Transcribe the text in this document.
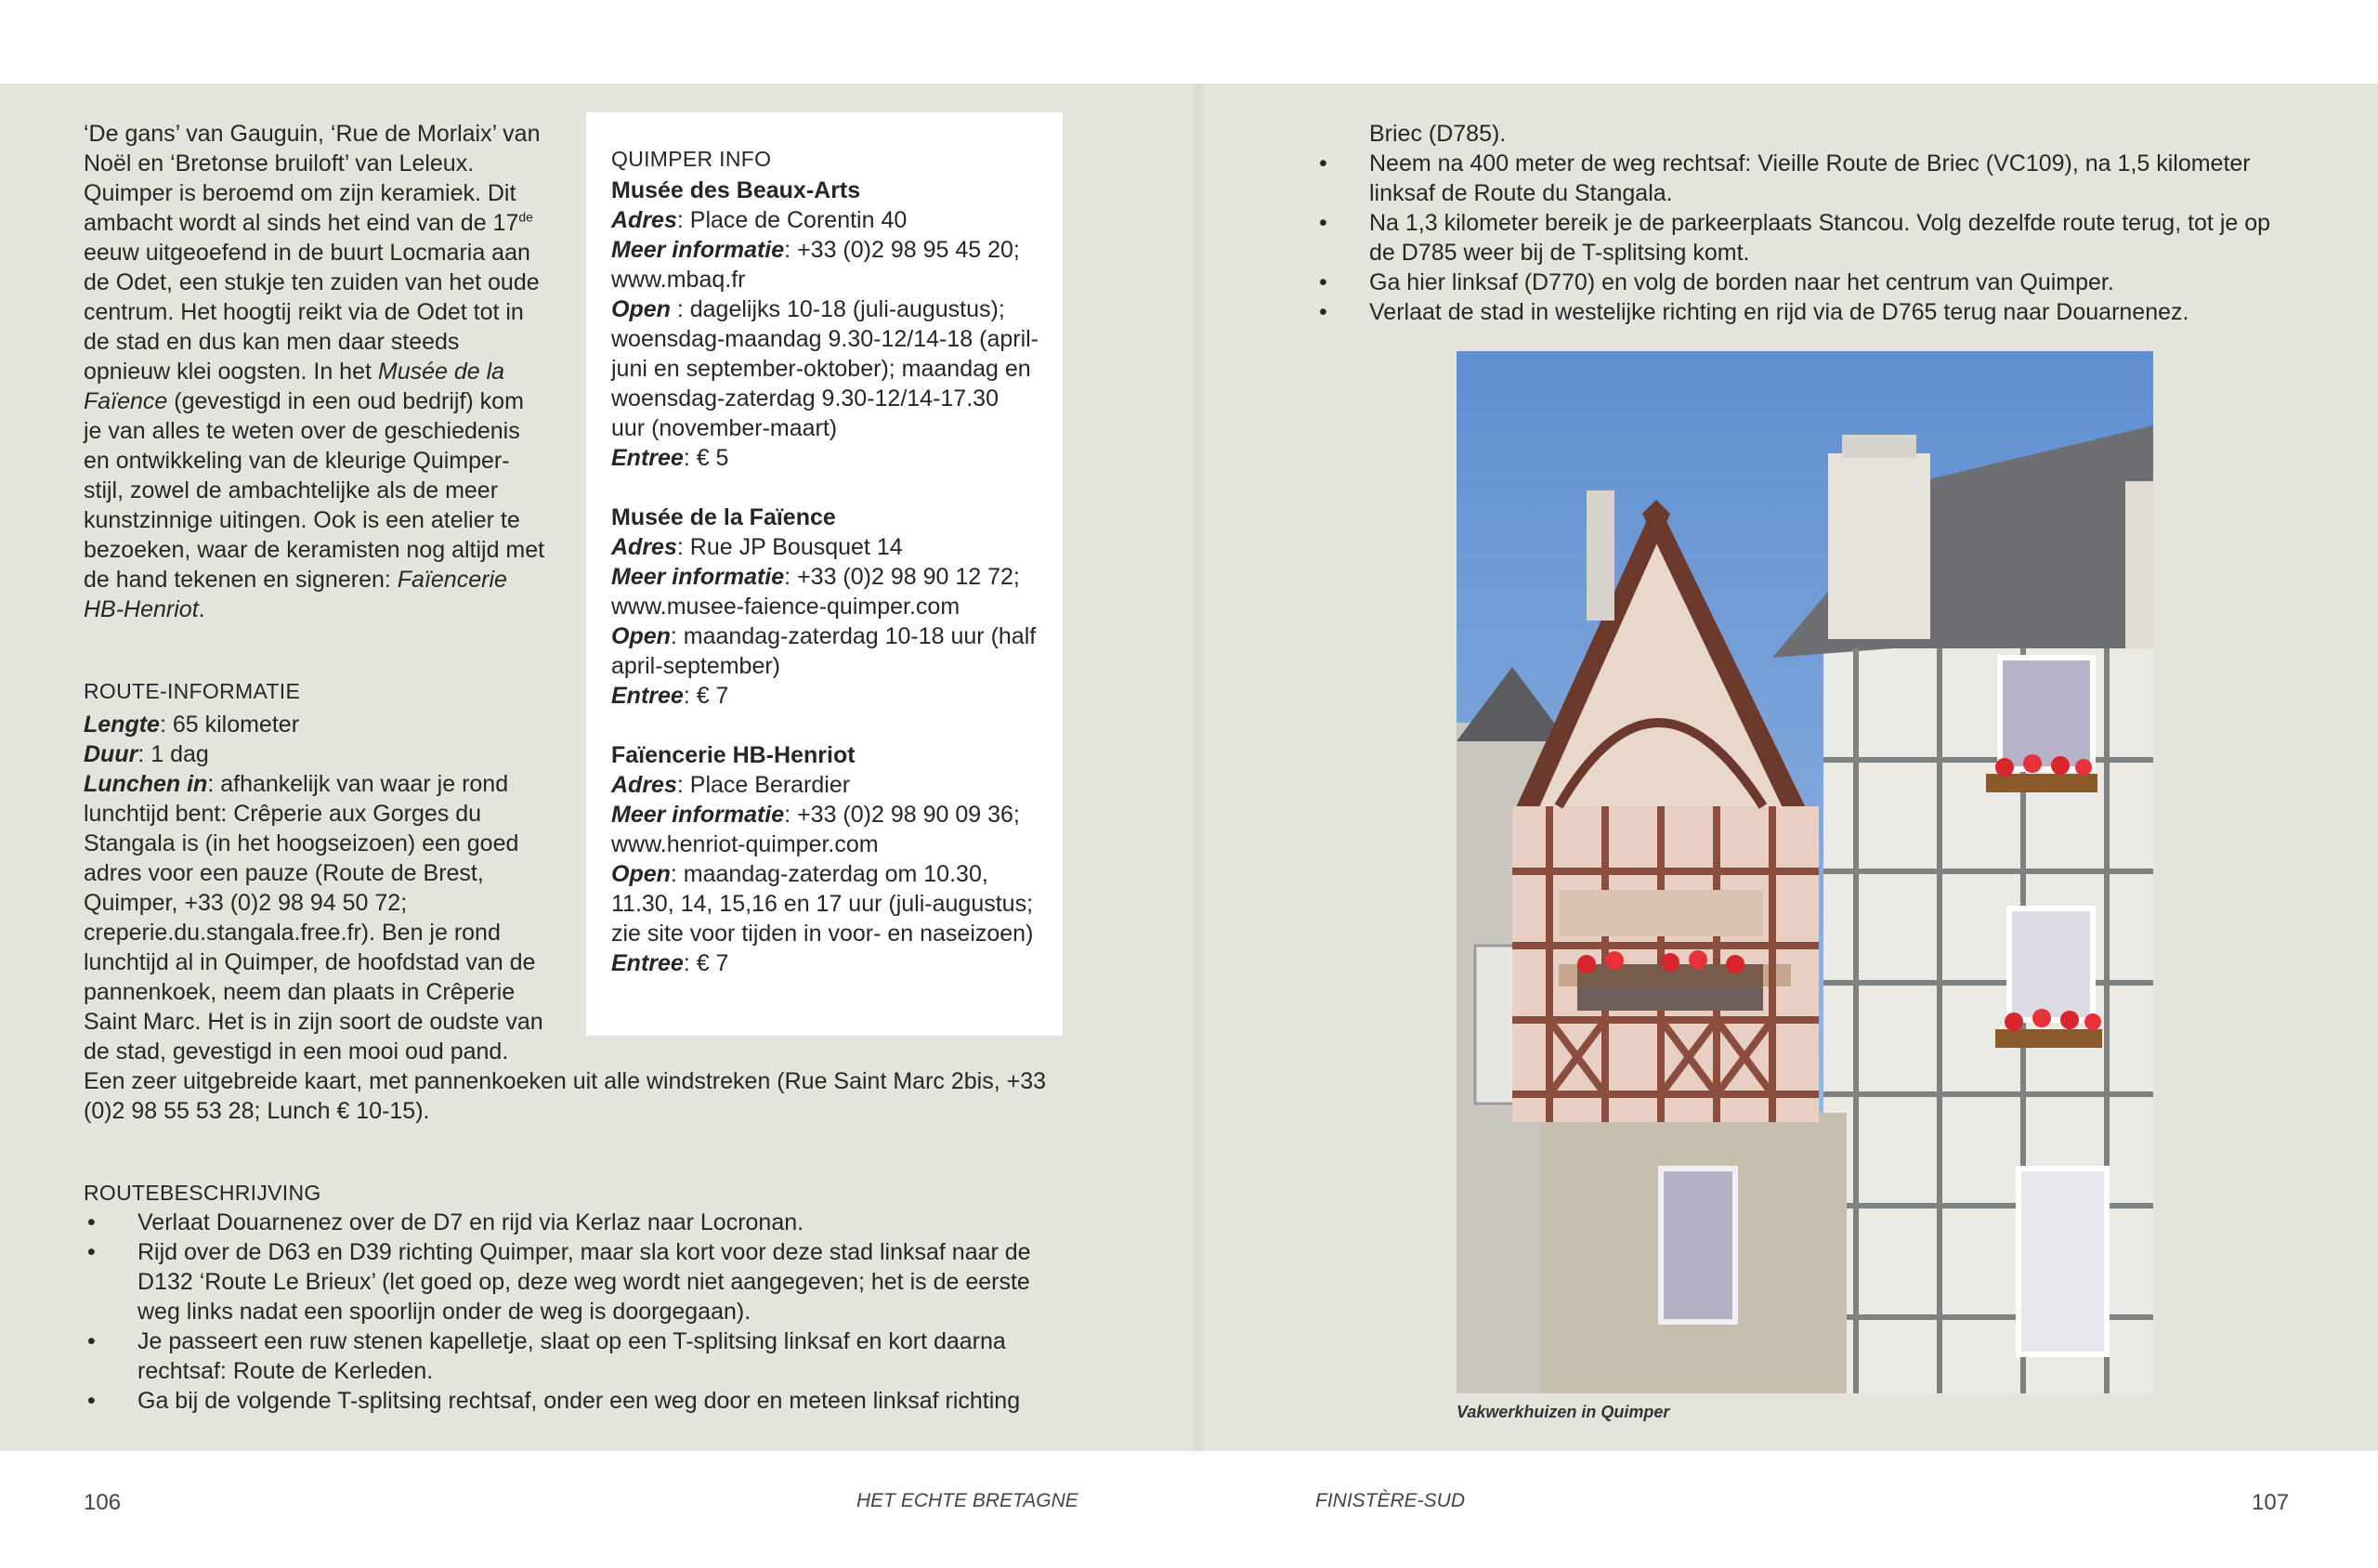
‘De gans’ van Gauguin, ‘Rue de Morlaix’ van Noël en ‘Bretonse bruiloft’ van Leleux.

Quimper is beroemd om zijn keramiek. Dit ambacht wordt al sinds het eind van de 17de eeuw uitgeoefend in de buurt Locmaria aan de Odet, een stukje ten zuiden van het oude centrum. Het hoogtij reikt via de Odet tot in de stad en dus kan men daar steeds opnieuw klei oogsten. In het Musée de la Faïence (gevestigd in een oud bedrijf) kom je van alles te weten over de geschiedenis en ontwikkeling van de kleurige Quimper-stijl, zowel de ambachtelijke als de meer kunstzinnige uitingen. Ook is een atelier te bezoeken, waar de keramisten nog altijd met de hand tekenen en signeren: Faïencerie HB-Henriot.

ROUTE-INFORMATIE

Lengte: 65 kilometer

Duur: 1 dag

Lunchen in: afhankelijk van waar je rond lunchtijd bent: Crêperie aux Gorges du Stangala is (in het hoogseizoen) een goed adres voor een pauze (Route de Brest, Quimper, +33 (0)2 98 94 50 72; creperie.du.stangala.free.fr). Ben je rond lunchtijd al in Quimper, de hoofdstad van de pannenkoek, neem dan plaats in Crêperie Saint Marc. Het is in zijn soort de oudste van de stad, gevestigd in een mooi oud pand. Een zeer uitgebreide kaart, met pannenkoeken uit alle windstreken (Rue Saint Marc 2bis, +33 (0)2 98 55 53 28; Lunch € 10-15).

ROUTEBESCHRIJVING

• Verlaat Douarnenez over de D7 en rijd via Kerlaz naar Locronan.
• Rijd over de D63 en D39 richting Quimper, maar sla kort voor deze stad linksaf naar de D132 ‘Route Le Brieux’ (let goed op, deze weg wordt niet aangegeven; het is de eerste weg links nadat een spoorlijn onder de weg is doorgegaan).
• Je passeert een ruw stenen kapelletje, slaat op een T-splitsing linksaf en kort daarna rechtsaf: Route de Kerleden.
• Ga bij de volgende T-splitsing rechtsaf, onder een weg door en meteen linksaf richting

QUIMPER INFO

Musée des Beaux-Arts
Adres: Place de Corentin 40
Meer informatie: +33 (0)2 98 95 45 20; www.mbaq.fr
Open : dagelijks 10-18 (juli-augustus); woensdag-maandag 9.30-12/14-18 (april-juni en september-oktober); maandag en woensdag-zaterdag 9.30-12/14-17.30 uur (november-maart)
Entree: € 5
Musée de la Faïence
Adres: Rue JP Bousquet 14
Meer informatie: +33 (0)2 98 90 12 72; www.musee-faience-quimper.com
Open: maandag-zaterdag 10-18 uur (half april-september)
Entree: € 7
Faïencerie HB-Henriot
Adres: Place Berardier
Meer informatie: +33 (0)2 98 90 09 36; www.henriot-quimper.com
Open: maandag-zaterdag om 10.30, 11.30, 14, 15,16 en 17 uur (juli-augustus; zie site voor tijden in voor- en naseizoen)
Entree: € 7

Briec (D785).

• Neem na 400 meter de weg rechtsaf: Vieille Route de Briec (VC109), na 1,5 kilometer linksaf de Route du Stangala.
• Na 1,3 kilometer bereik je de parkeerplaats Stancou. Volg dezelfde route terug, tot je op de D785 weer bij de T-splitsing komt.
• Ga hier linksaf (D770) en volg de borden naar het centrum van Quimper.
• Verlaat de stad in westelijke richting en rijd via de D765 terug naar Douarnenez.
Vakwerkhuizen in Quimper
106	HET ECHTE BRETAGNE	FINISTÈRE-SUD	107
